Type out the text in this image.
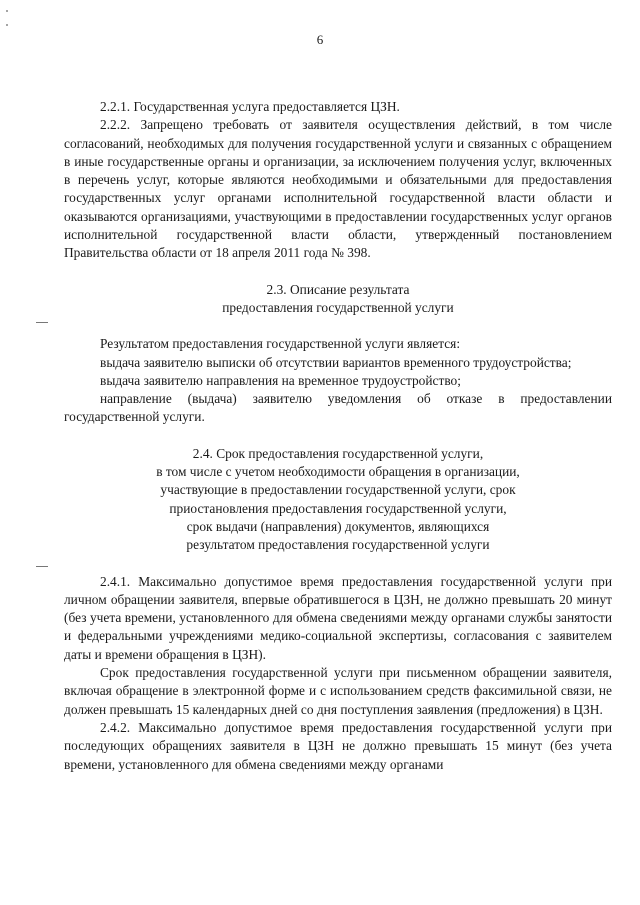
6

2.2.1. Государственная услуга предоставляется ЦЗН.

2.2.2. Запрещено требовать от заявителя осуществления действий, в том числе согласований, необходимых для получения государственной услуги и связанных с обращением в иные государственные органы и организации, за исключением получения услуг, включенных в перечень услуг, которые являются необходимыми и обязательными для предоставления государственных услуг органами исполнительной государственной власти области и оказываются организациями, участвующими в предоставлении государственных услуг органов исполнительной государственной власти области, утвержденный постановлением Правительства области от 18 апреля 2011 года № 398.

2.3. Описание результата

предоставления государственной услуги

Результатом предоставления государственной услуги является:

выдача заявителю выписки об отсутствии вариантов временного трудоустройства;

выдача заявителю направления на временное трудоустройство;

направление (выдача) заявителю уведомления об отказе в предоставлении государственной услуги.

2.4. Срок предоставления государственной услуги,

в том числе с учетом необходимости обращения в организации,

участвующие в предоставлении государственной услуги, срок

приостановления предоставления государственной услуги,

срок выдачи (направления) документов, являющихся

результатом предоставления государственной услуги

2.4.1. Максимально допустимое время предоставления государственной услуги при личном обращении заявителя, впервые обратившегося в ЦЗН, не должно превышать 20 минут (без учета времени, установленного для обмена сведениями между органами службы занятости и федеральными учреждениями медико-социальной экспертизы, согласования с заявителем даты и времени обращения в ЦЗН).

Срок предоставления государственной услуги при письменном обращении заявителя, включая обращение в электронной форме и с использованием средств факсимильной связи, не должен превышать 15 календарных дней со дня поступления заявления (предложения) в ЦЗН.

2.4.2. Максимально допустимое время предоставления государственной услуги при последующих обращениях заявителя в ЦЗН не должно превышать 15 минут (без учета времени, установленного для обмена сведениями между органами
